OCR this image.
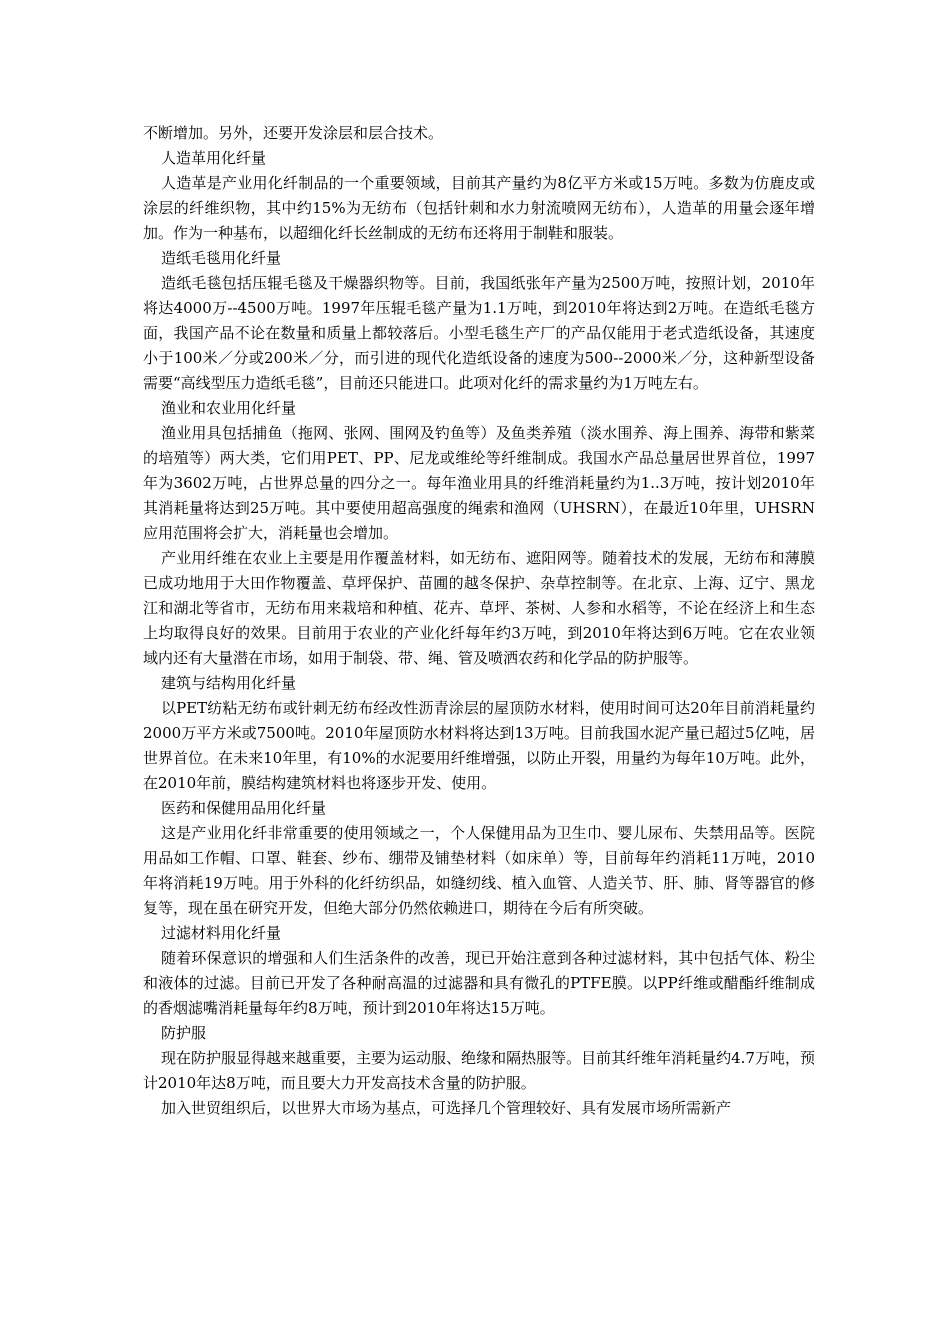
不断增加。另外，还要开发涂层和层合技术。

人造革用化纤量

人造革是产业用化纤制品的一个重要领域，目前其产量约为8亿平方米或15万吨。多数为仿鹿皮或涂层的纤维织物，其中约15%为无纺布（包括针刺和水力射流喷网无纺布），人造革的用量会逐年增加。作为一种基布，以超细化纤长丝制成的无纺布还将用于制鞋和服装。

造纸毛毯用化纤量

造纸毛毯包括压辊毛毯及干燥器织物等。目前，我国纸张年产量为2500万吨，按照计划，2010年将达4000万--4500万吨。1997年压辊毛毯产量为1.1万吨，到2010年将达到2万吨。在造纸毛毯方面，我国产品不论在数量和质量上都较落后。小型毛毯生产厂的产品仅能用于老式造纸设备，其速度小于100米／分或200米／分，而引进的现代化造纸设备的速度为500--2000米／分，这种新型设备需要“高线型压力造纸毛毯”，目前还只能进口。此项对化纤的需求量约为1万吨左右。

渔业和农业用化纤量

渔业用具包括捕鱼（拖网、张网、围网及钓鱼等）及鱼类养殖（淡水围养、海上围养、海带和紫菜的培殖等）两大类，它们用PET、PP、尼龙或维纶等纤维制成。我国水产品总量居世界首位，1997年为3602万吨，占世界总量的四分之一。每年渔业用具的纤维消耗量约为1..3万吨，按计划2010年其消耗量将达到25万吨。其中要使用超高强度的绳索和渔网（UHSRN），在最近10年里，UHSRN应用范围将会扩大，消耗量也会增加。

产业用纤维在农业上主要是用作覆盖材料，如无纺布、遮阳网等。随着技术的发展，无纺布和薄膜已成功地用于大田作物覆盖、草坪保护、苗圃的越冬保护、杂草控制等。在北京、上海、辽宁、黑龙江和湖北等省市，无纺布用来栽培和种植、花卉、草坪、茶树、人参和水稻等，不论在经济上和生态上均取得良好的效果。目前用于农业的产业化纤每年约3万吨，到2010年将达到6万吨。它在农业领域内还有大量潜在市场，如用于制袋、带、绳、管及喷洒农药和化学品的防护服等。

建筑与结构用化纤量

以PET纺粘无纺布或针刺无纺布经改性沥青涂层的屋顶防水材料，使用时间可达20年目前消耗量约2000万平方米或7500吨。2010年屋顶防水材料将达到13万吨。目前我国水泥产量已超过5亿吨，居世界首位。在未来10年里，有10%的水泥要用纤维增强，以防止开裂，用量约为每年10万吨。此外，在2010年前，膜结构建筑材料也将逐步开发、使用。

医药和保健用品用化纤量

这是产业用化纤非常重要的使用领域之一，个人保健用品为卫生巾、婴儿尿布、失禁用品等。医院用品如工作帽、口罩、鞋套、纱布、绷带及铺垫材料（如床单）等，目前每年约消耗11万吨，2010年将消耗19万吨。用于外科的化纤纺织品，如缝纫线、植入血管、人造关节、肝、肺、肾等器官的修复等，现在虽在研究开发，但绝大部分仍然依赖进口，期待在今后有所突破。

过滤材料用化纤量

随着环保意识的增强和人们生活条件的改善，现已开始注意到各种过滤材料，其中包括气体、粉尘和液体的过滤。目前已开发了各种耐高温的过滤器和具有微孔的PTFE膜。以PP纤维或醋酯纤维制成的香烟滤嘴消耗量每年约8万吨，预计到2010年将达15万吨。

防护服

现在防护服显得越来越重要，主要为运动服、绝缘和隔热服等。目前其纤维年消耗量约4.7万吨，预计2010年达8万吨，而且要大力开发高技术含量的防护服。

加入世贸组织后，以世界大市场为基点，可选择几个管理较好、具有发展市场所需新产
